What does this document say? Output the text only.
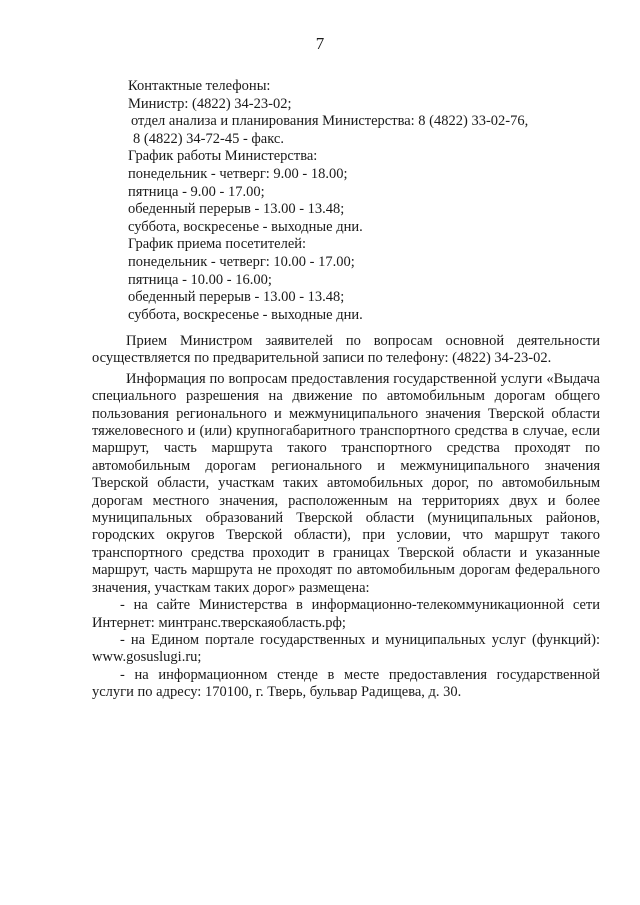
7
Контактные телефоны:
Министр: (4822) 34-23-02;
отдел анализа и планирования Министерства: 8 (4822) 33-02-76,
8 (4822) 34-72-45 - факс.
График работы Министерства:
понедельник - четверг: 9.00 - 18.00;
пятница - 9.00 - 17.00;
обеденный перерыв - 13.00 - 13.48;
суббота, воскресенье - выходные дни.
График приема посетителей:
понедельник - четверг: 10.00 - 17.00;
пятница - 10.00 - 16.00;
обеденный перерыв - 13.00 - 13.48;
суббота, воскресенье - выходные дни.

Прием Министром заявителей по вопросам основной деятельности осуществляется по предварительной записи по телефону: (4822) 34-23-02.

Информация по вопросам предоставления государственной услуги «Выдача специального разрешения на движение по автомобильным дорогам общего пользования регионального и межмуниципального значения Тверской области тяжеловесного и (или) крупногабаритного транспортного средства в случае, если маршрут, часть маршрута такого транспортного средства проходят по автомобильным дорогам регионального и межмуниципального значения Тверской области, участкам таких автомобильных дорог, по автомобильным дорогам местного значения, расположенным на территориях двух и более муниципальных образований Тверской области (муниципальных районов, городских округов Тверской области), при условии, что маршрут такого транспортного средства проходит в границах Тверской области и указанные маршрут, часть маршрута не проходят по автомобильным дорогам федерального значения, участкам таких дорог» размещена:

- на сайте Министерства в информационно-телекоммуникационной сети Интернет: минтранс.тверскаяобласть.рф;

- на Едином портале государственных и муниципальных услуг (функций): www.gosuslugi.ru;

- на информационном стенде в месте предоставления государственной услуги по адресу: 170100, г. Тверь, бульвар Радищева, д. 30.
